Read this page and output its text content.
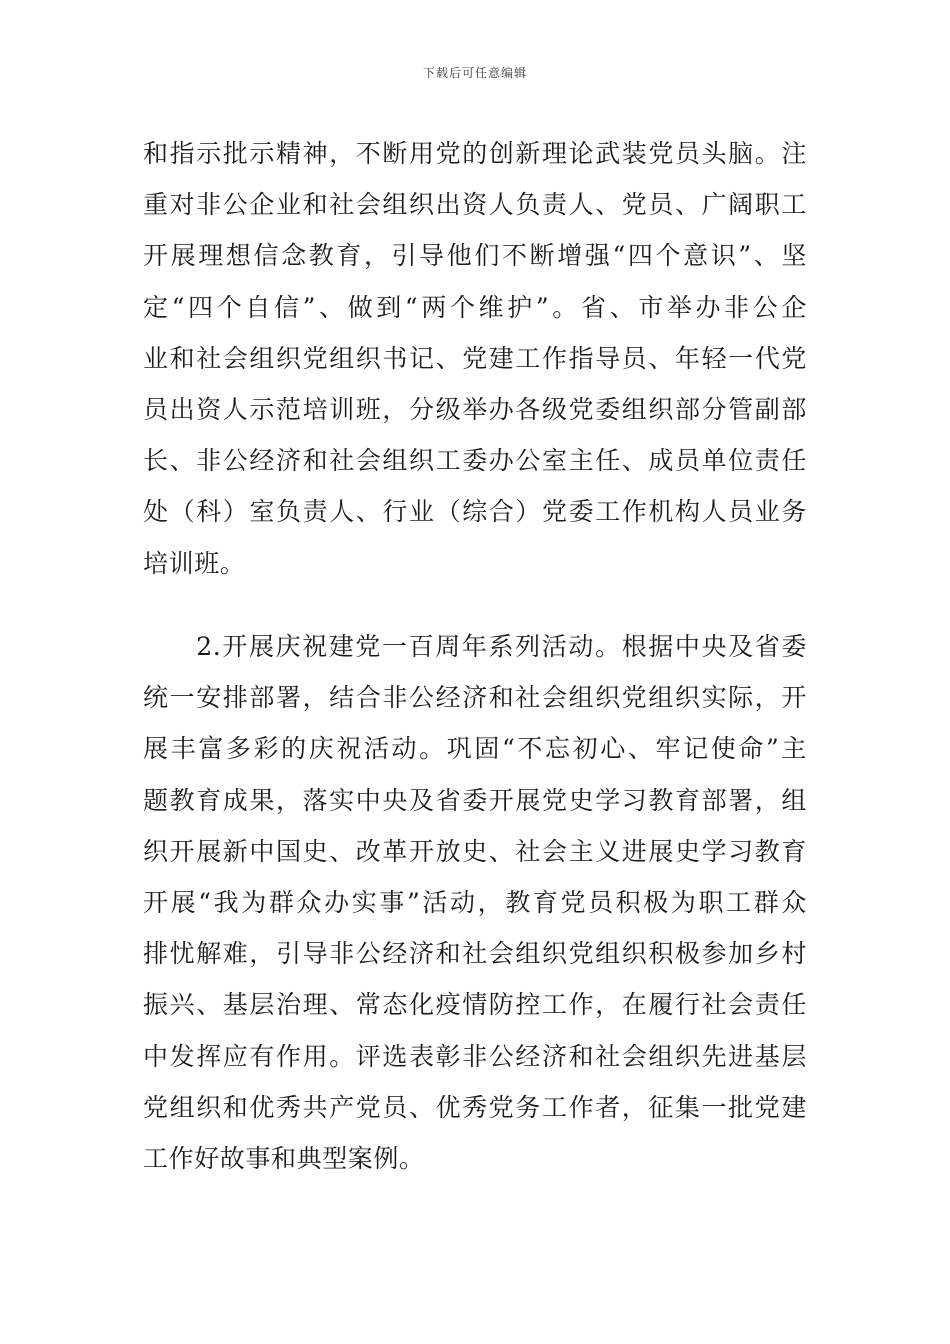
下载后可任意编辑
和指示批示精神，不断用党的创新理论武装党员头脑。注
重对非公企业和社会组织出资人负责人、党员、广阔职工
开展理想信念教育，引导他们不断增强“四个意识”、坚
定“四个自信”、做到“两个维护”。省、市举办非公企
业和社会组织党组织书记、党建工作指导员、年轻一代党
员出资人示范培训班，分级举办各级党委组织部分管副部
长、非公经济和社会组织工委办公室主任、成员单位责任
处（科）室负责人、行业（综合）党委工作机构人员业务
培训班。
　　2.开展庆祝建党一百周年系列活动。根据中央及省委
统一安排部署，结合非公经济和社会组织党组织实际，开
展丰富多彩的庆祝活动。巩固“不忘初心、牢记使命”主
题教育成果，落实中央及省委开展党史学习教育部署，组
织开展新中国史、改革开放史、社会主义进展史学习教育
开展“我为群众办实事”活动，教育党员积极为职工群众
排忧解难，引导非公经济和社会组织党组织积极参加乡村
振兴、基层治理、常态化疫情防控工作，在履行社会责任
中发挥应有作用。评选表彰非公经济和社会组织先进基层
党组织和优秀共产党员、优秀党务工作者，征集一批党建
工作好故事和典型案例。
